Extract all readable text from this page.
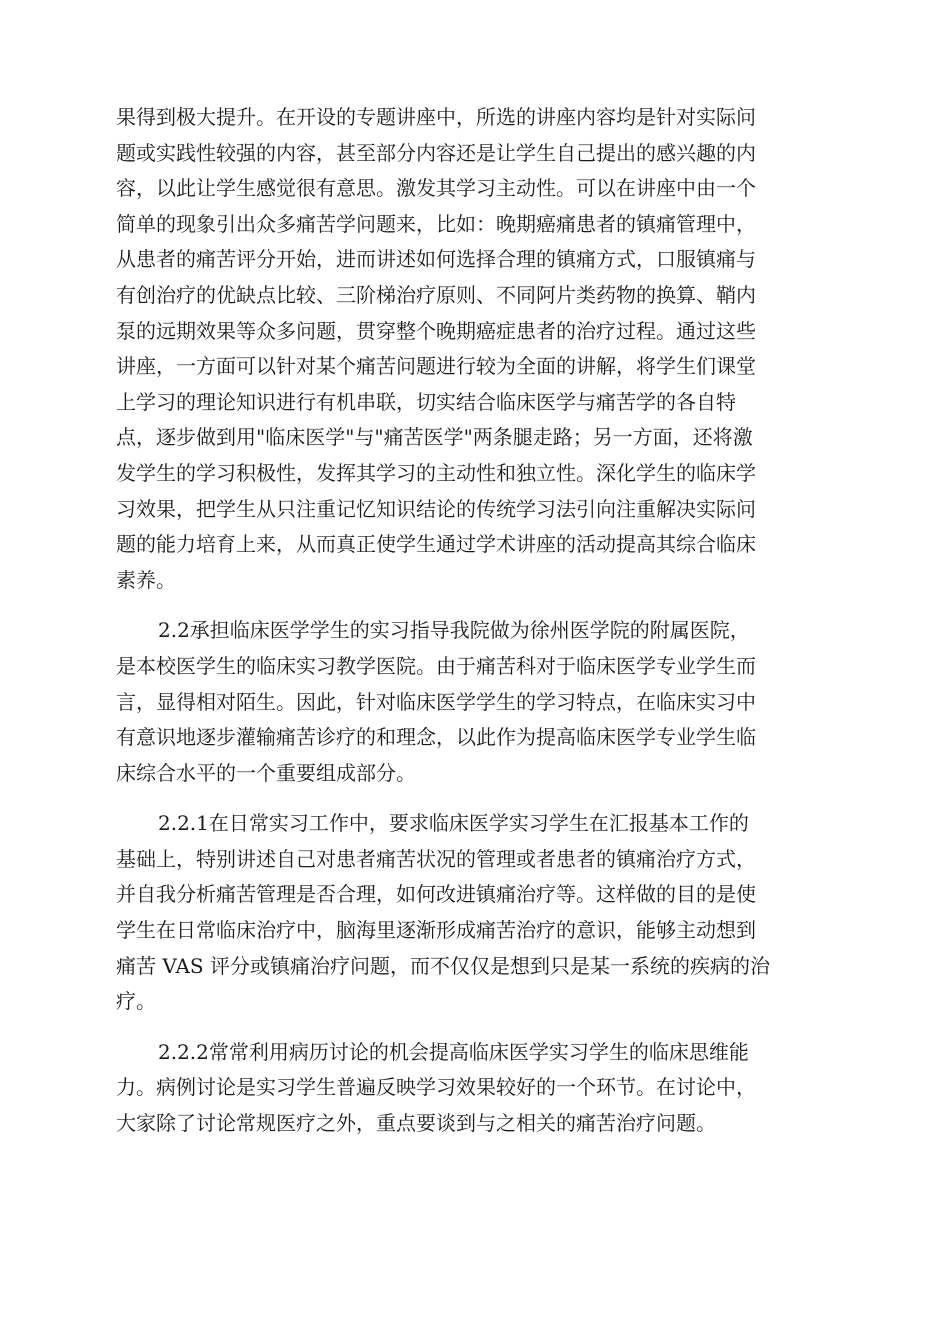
果得到极大提升。在开设的专题讲座中，所选的讲座内容均是针对实际问
题或实践性较强的内容，甚至部分内容还是让学生自己提出的感兴趣的内
容，以此让学生感觉很有意思。激发其学习主动性。可以在讲座中由一个
简单的现象引出众多痛苦学问题来，比如：晚期癌痛患者的镇痛管理中，
从患者的痛苦评分开始，进而讲述如何选择合理的镇痛方式，口服镇痛与
有创治疗的优缺点比较、三阶梯治疗原则、不同阿片类药物的换算、鞘内
泵的远期效果等众多问题，贯穿整个晚期癌症患者的治疗过程。通过这些
讲座，一方面可以针对某个痛苦问题进行较为全面的讲解，将学生们课堂
上学习的理论知识进行有机串联，切实结合临床医学与痛苦学的各自特
点，逐步做到用"临床医学"与"痛苦医学"两条腿走路；另一方面，还将激
发学生的学习积极性，发挥其学习的主动性和独立性。深化学生的临床学
习效果，把学生从只注重记忆知识结论的传统学习法引向注重解决实际问
题的能力培育上来，从而真正使学生通过学术讲座的活动提高其综合临床
素养。
2.2承担临床医学学生的实习指导我院做为徐州医学院的附属医院，
是本校医学生的临床实习教学医院。由于痛苦科对于临床医学专业学生而
言，显得相对陌生。因此，针对临床医学学生的学习特点，在临床实习中
有意识地逐步灌输痛苦诊疗的和理念，以此作为提高临床医学专业学生临
床综合水平的一个重要组成部分。
2.2.1在日常实习工作中，要求临床医学实习学生在汇报基本工作的
基础上，特别讲述自己对患者痛苦状况的管理或者患者的镇痛治疗方式，
并自我分析痛苦管理是否合理，如何改进镇痛治疗等。这样做的目的是使
学生在日常临床治疗中，脑海里逐渐形成痛苦治疗的意识，能够主动想到
痛苦 VAS 评分或镇痛治疗问题，而不仅仅是想到只是某一系统的疾病的治
疗。
2.2.2常常利用病历讨论的机会提高临床医学实习学生的临床思维能
力。病例讨论是实习学生普遍反映学习效果较好的一个环节。在讨论中，
大家除了讨论常规医疗之外，重点要谈到与之相关的痛苦治疗问题。
